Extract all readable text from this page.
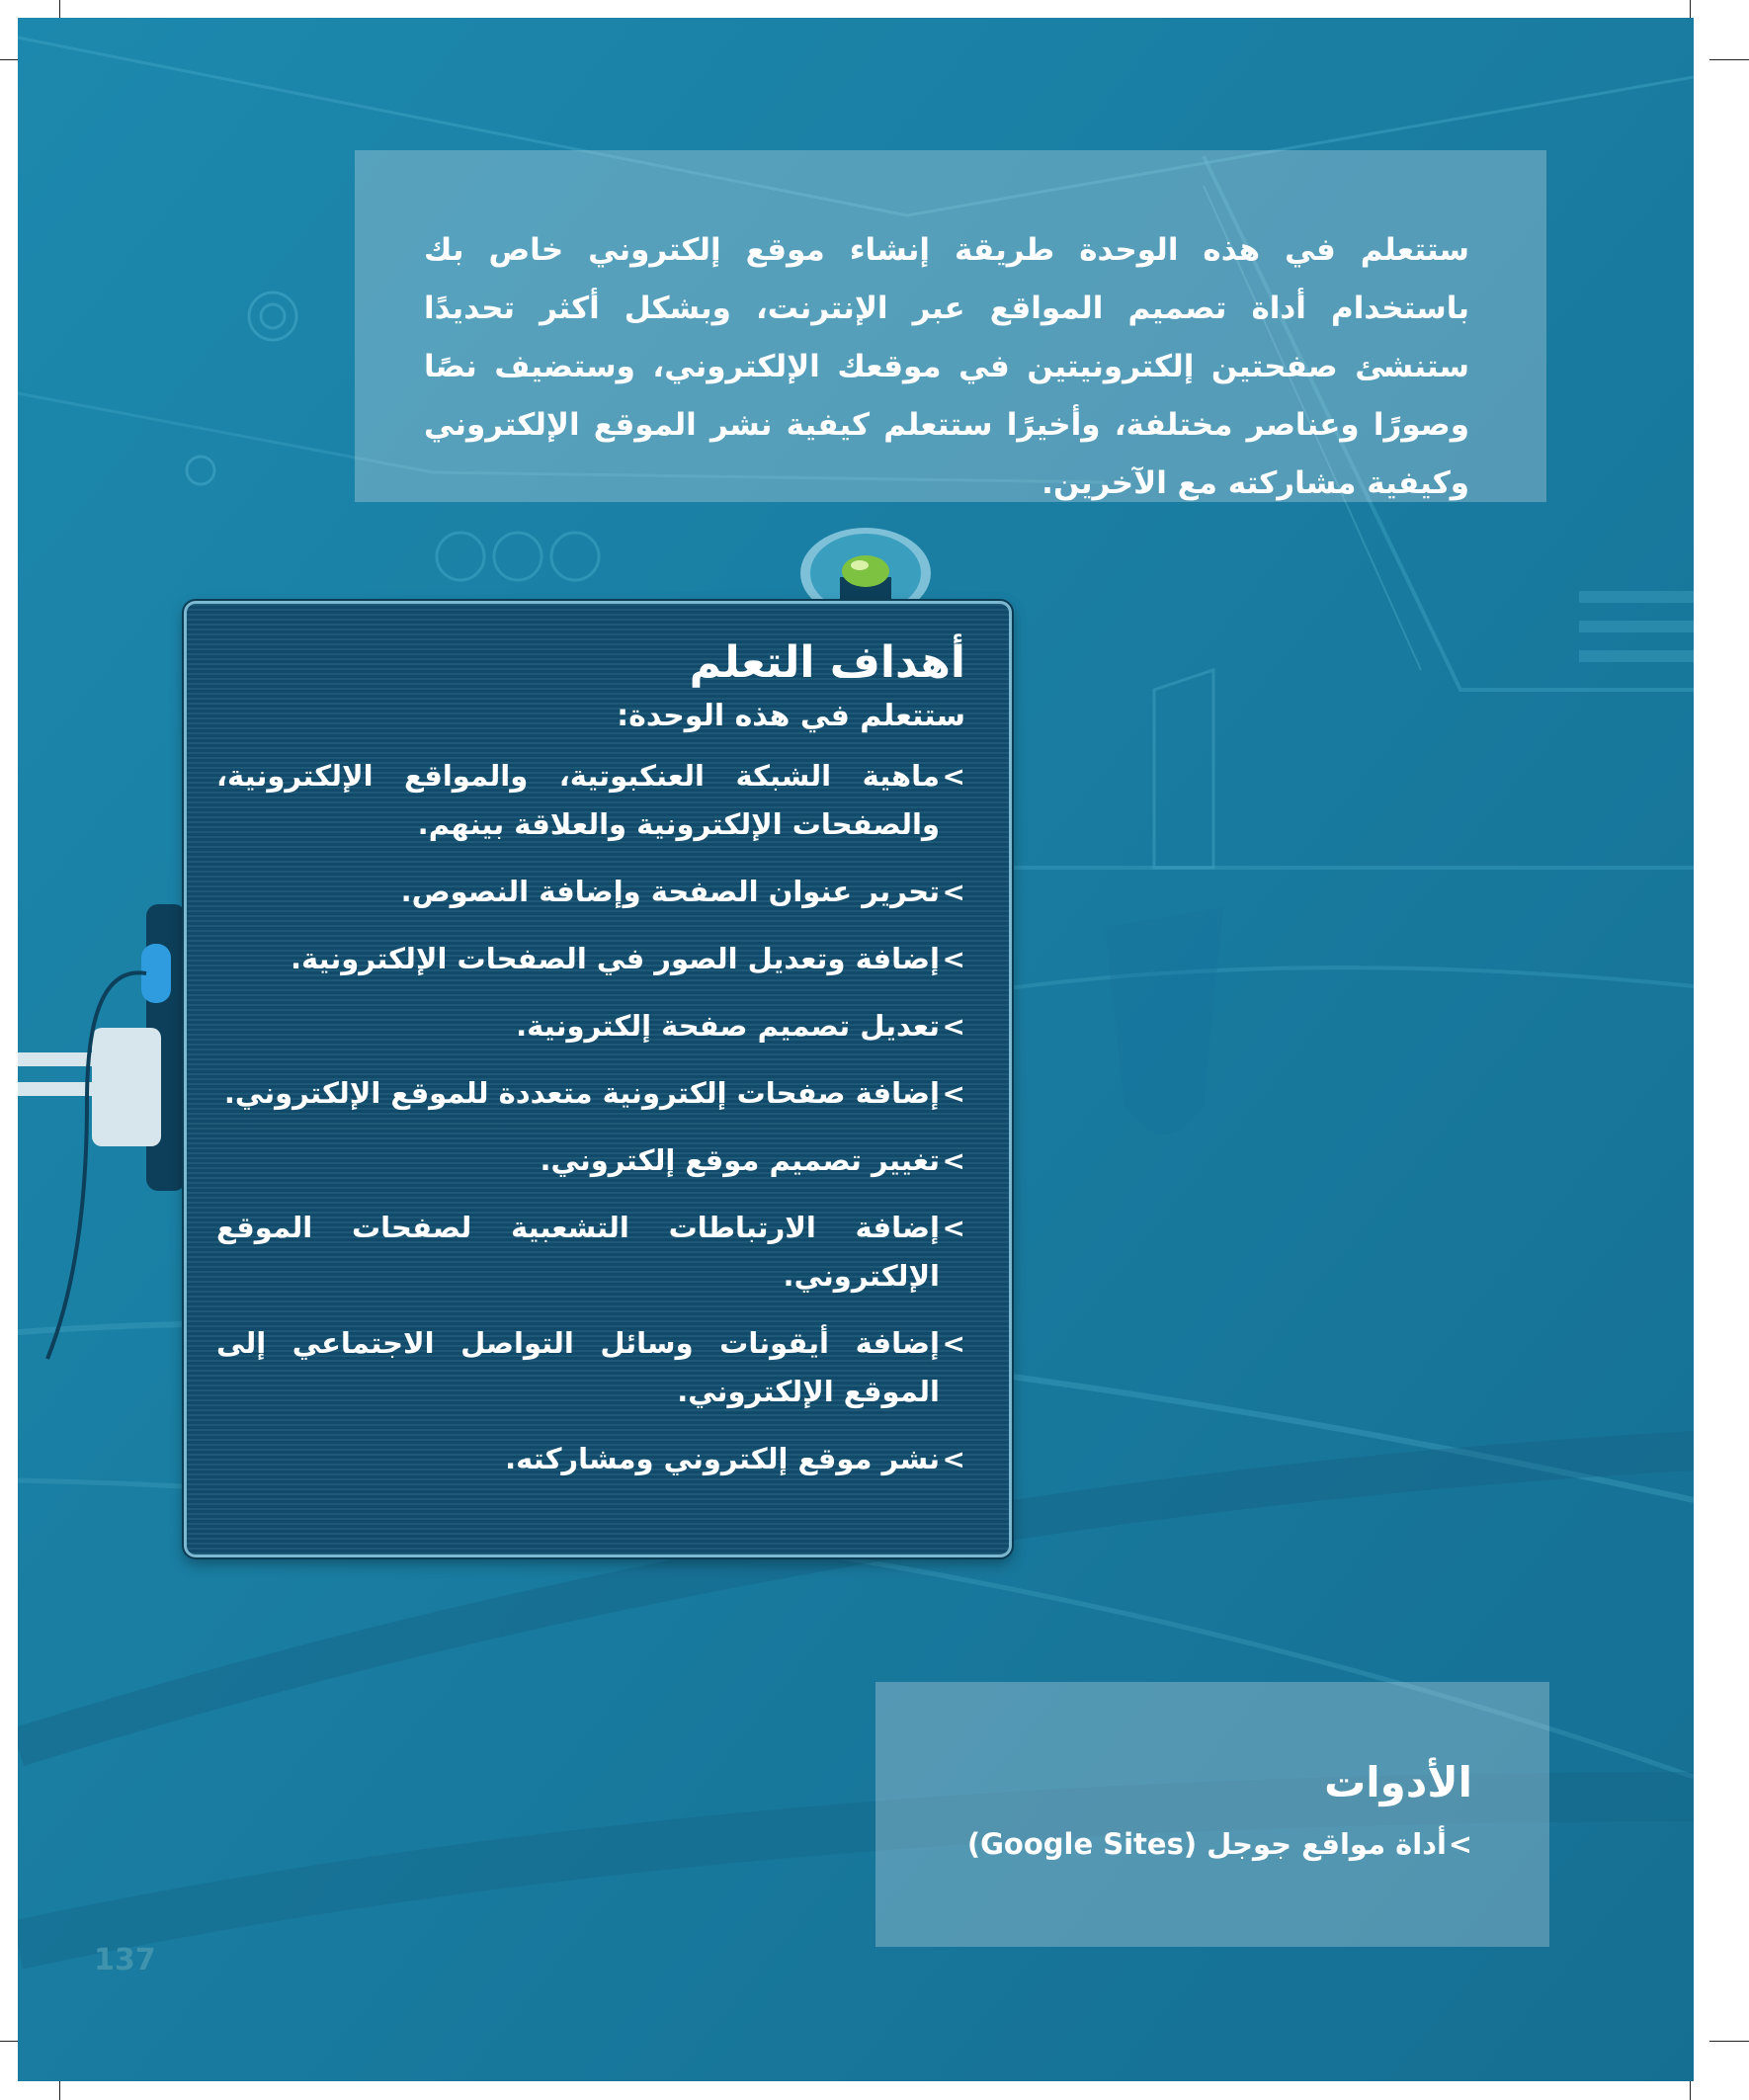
ستتعلم في هذه الوحدة طريقة إنشاء موقع إلكتروني خاص بك باستخدام أداة تصميم المواقع عبر الإنترنت، وبشكل أكثر تحديدًا ستنشئ صفحتين إلكترونيتين في موقعك الإلكتروني، وستضيف نصًا وصورًا وعناصر مختلفة، وأخيرًا ستتعلم كيفية نشر الموقع الإلكتروني وكيفية مشاركته مع الآخرين.

أهداف التعلم

ستتعلم في هذه الوحدة:

>
ماهية الشبكة العنكبوتية، والمواقع الإلكترونية، والصفحات الإلكترونية والعلاقة بينهم.
>
تحرير عنوان الصفحة وإضافة النصوص.
>
إضافة وتعديل الصور في الصفحات الإلكترونية.
>
تعديل تصميم صفحة إلكترونية.
>
إضافة صفحات إلكترونية متعددة للموقع الإلكتروني.
>
تغيير تصميم موقع إلكتروني.
>
إضافة الارتباطات التشعبية لصفحات الموقع الإلكتروني.
>
إضافة أيقونات وسائل التواصل الاجتماعي إلى الموقع الإلكتروني.
>
نشر موقع إلكتروني ومشاركته.
الأدوات

>
أداة مواقع جوجل (Google Sites)

137
